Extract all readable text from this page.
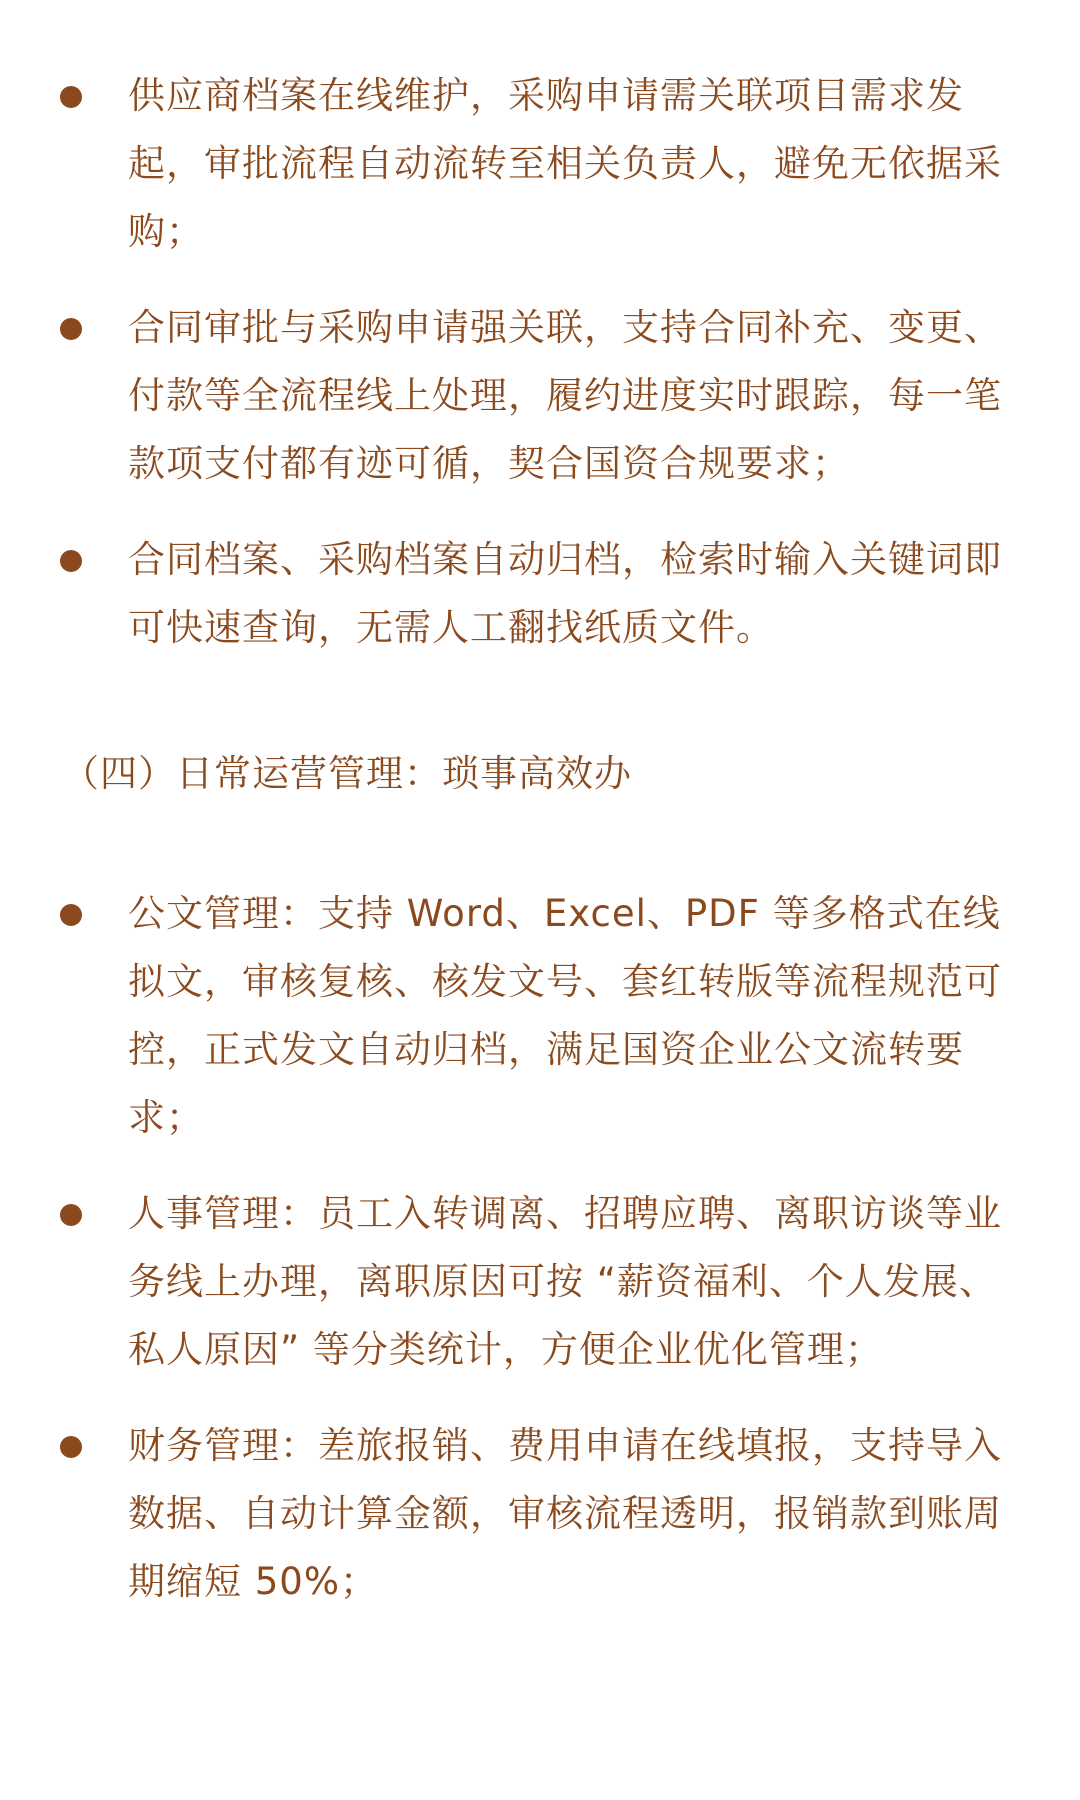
供应商档案在线维护，采购申请需关联项目需求发起，审批流程自动流转至相关负责人，避免无依据采购；
合同审批与采购申请强关联，支持合同补充、变更、付款等全流程线上处理，履约进度实时跟踪，每一笔款项支付都有迹可循，契合国资合规要求；
合同档案、采购档案自动归档，检索时输入关键词即可快速查询，无需人工翻找纸质文件。
（四）日常运营管理：琐事高效办
公文管理：支持 Word、Excel、PDF 等多格式在线拟文，审核复核、核发文号、套红转版等流程规范可控，正式发文自动归档，满足国资企业公文流转要求；
人事管理：员工入转调离、招聘应聘、离职访谈等业务线上办理，离职原因可按 “薪资福利、个人发展、私人原因” 等分类统计，方便企业优化管理；
财务管理：差旅报销、费用申请在线填报，支持导入数据、自动计算金额，审核流程透明，报销款到账周期缩短 50%；
